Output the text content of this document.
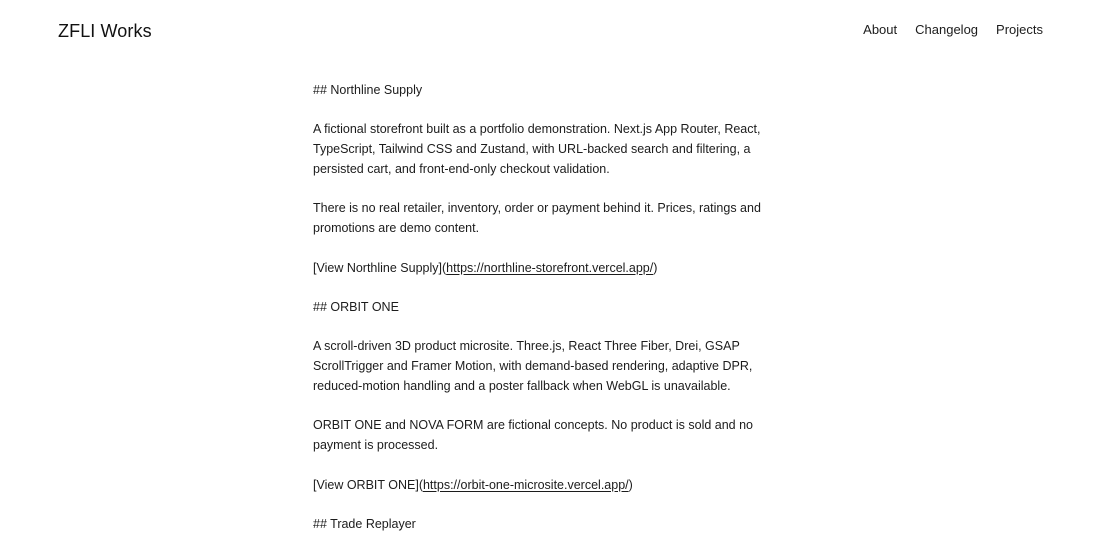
ZFLI Works	About Changelog Projects

## Northline Supply

A fictional storefront built as a portfolio demonstration. Next.js App Router, React, TypeScript, Tailwind CSS and Zustand, with URL-backed search and filtering, a persisted cart, and front-end-only checkout validation.

There is no real retailer, inventory, order or payment behind it. Prices, ratings and promotions are demo content.

[View Northline Supply](https://northline-storefront.vercel.app/)

## ORBIT ONE

A scroll-driven 3D product microsite. Three.js, React Three Fiber, Drei, GSAP ScrollTrigger and Framer Motion, with demand-based rendering, adaptive DPR, reduced-motion handling and a poster fallback when WebGL is unavailable.

ORBIT ONE and NOVA FORM are fictional concepts. No product is sold and no payment is processed.

[View ORBIT ONE](https://orbit-one-microsite.vercel.app/)

## Trade Replayer
